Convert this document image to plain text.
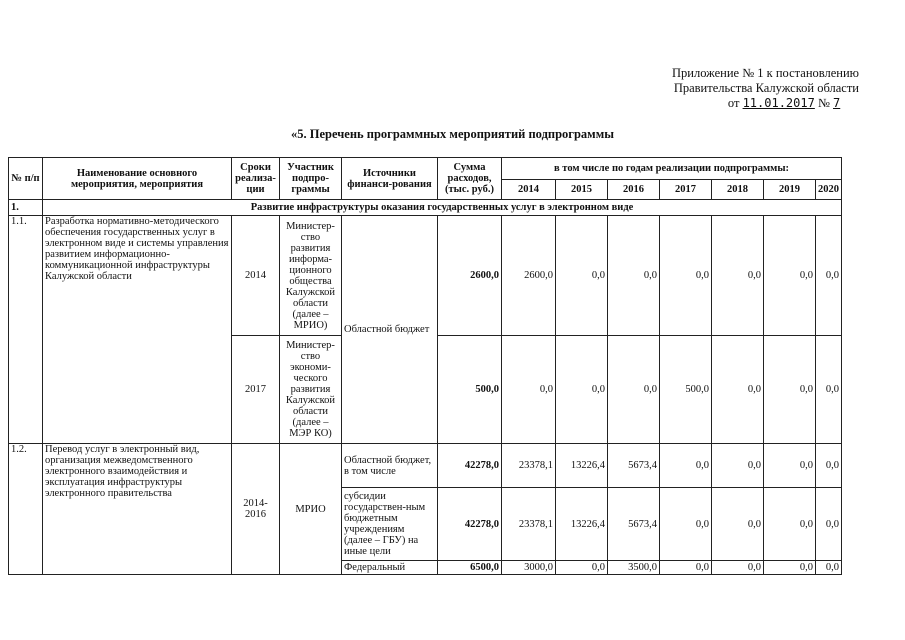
Приложение № 1 к постановлению
Правительства Калужской области
от 11.01.2017 № 7
«5. Перечень программных мероприятий подпрограммы
№ п/п	Наименование основного мероприятия, мероприятия	Сроки реализа-ции	Участник подпро-граммы	Источники финанси-рования	Сумма расходов, (тыс. руб.)	в том числе по годам реализации подпрограммы:						
						2014	2015	2016	2017	2018	2019	2020
1.	Развитие инфраструктуры оказания государственных услуг в электронном виде											
1.1.	Разработка нормативно-методического обеспечения государственных услуг в электронном виде и системы управления развитием информационно-коммуникационной инфраструктуры Калужской области	2014	Министер-ство развития информа-ционного общества Калужской области (далее – МРИО)	Областной бюджет	2600,0	2600,0	0,0	0,0	0,0	0,0	0,0	0,0
		2017	Министер-ство экономи-ческого развития Калужской области (далее – МЭР КО)		500,0	0,0	0,0	0,0	500,0	0,0	0,0	0,0
1.2.	Перевод услуг в электронный вид, организация межведомственного электронного взаимодействия и эксплуатация инфраструктуры электронного правительства	2014-2016	МРИО	Областной бюджет, в том числе	42278,0	23378,1	13226,4	5673,4	0,0	0,0	0,0	0,0
				субсидии государствен-ным бюджетным учреждениям (далее – ГБУ) на иные цели	42278,0	23378,1	13226,4	5673,4	0,0	0,0	0,0	0,0
				Федеральный	6500,0	3000,0	0,0	3500,0	0,0	0,0	0,0	0,0
